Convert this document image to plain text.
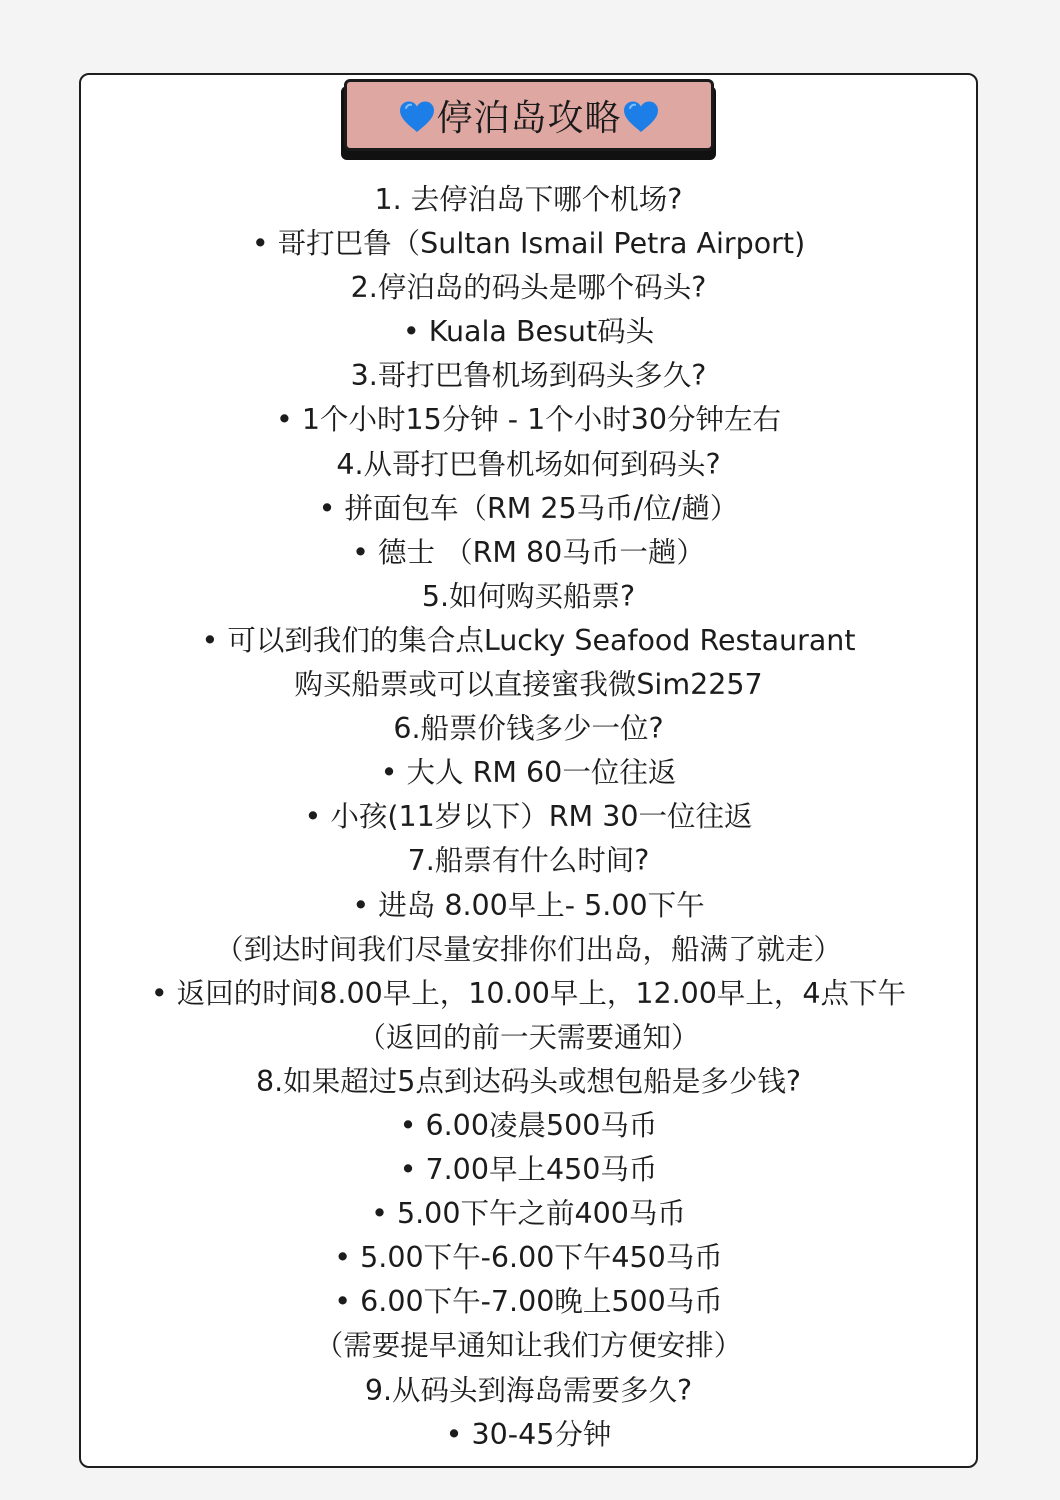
停泊岛攻略
1. 去停泊岛下哪个机场?
• 哥打巴鲁（Sultan Ismail Petra Airport)
2.停泊岛的码头是哪个码头?
• Kuala Besut码头
3.哥打巴鲁机场到码头多久?
• 1个小时15分钟 - 1个小时30分钟左右
4.从哥打巴鲁机场如何到码头?
• 拼面包车（RM 25马币/位/趟）
• 德士 （RM 80马币一趟）
5.如何购买船票?
• 可以到我们的集合点Lucky Seafood Restaurant
购买船票或可以直接蜜我微Sim2257
6.船票价钱多少一位?
• 大人 RM 60一位往返
• 小孩(11岁以下）RM 30一位往返
7.船票有什么时间?
• 进岛 8.00早上- 5.00下午
（到达时间我们尽量安排你们出岛，船满了就走）
• 返回的时间8.00早上，10.00早上，12.00早上，4点下午
（返回的前一天需要通知）
8.如果超过5点到达码头或想包船是多少钱?
• 6.00凌晨500马币
• 7.00早上450马币
• 5.00下午之前400马币
• 5.00下午-6.00下午450马币
• 6.00下午-7.00晚上500马币
（需要提早通知让我们方便安排）
9.从码头到海岛需要多久?
• 30-45分钟
